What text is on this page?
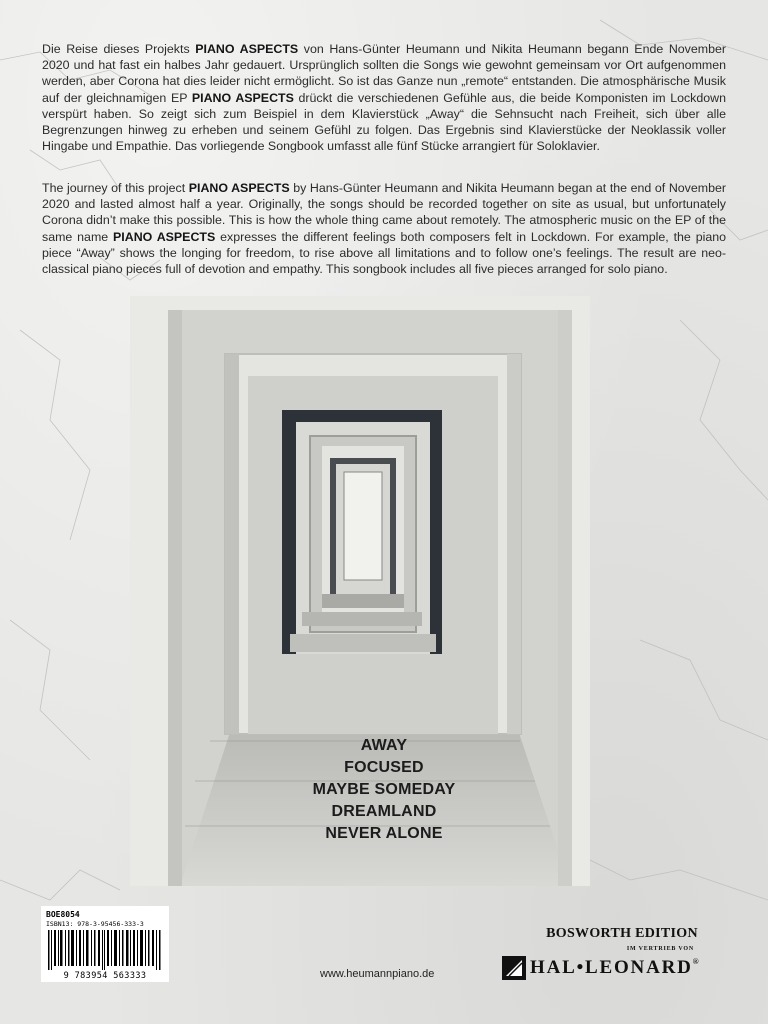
Die Reise dieses Projekts PIANO ASPECTS von Hans-Günter Heumann und Nikita Heumann begann Ende November 2020 und hat fast ein halbes Jahr gedauert. Ursprünglich sollten die Songs wie gewohnt gemeinsam vor Ort aufgenommen werden, aber Corona hat dies leider nicht ermöglicht. So ist das Ganze nun „remote“ entstanden. Die atmosphärische Musik auf der gleichnamigen EP PIANO ASPECTS drückt die verschiedenen Gefühle aus, die beide Komponisten im Lockdown verspürt haben. So zeigt sich zum Beispiel in dem Klavierstück „Away“ die Sehnsucht nach Freiheit, sich über alle Begrenzungen hinweg zu erheben und seinem Gefühl zu folgen. Das Ergebnis sind Klavierstücke der Neoklassik voller Hingabe und Empathie. Das vorliegende Songbook umfasst alle fünf Stücke arrangiert für Soloklavier.

The journey of this project PIANO ASPECTS by Hans-Günter Heumann and Nikita Heumann began at the end of November 2020 and lasted almost half a year. Originally, the songs should be recorded together on site as usual, but unfortunately Corona didn’t make this possible. This is how the whole thing came about remotely. The atmospheric music on the EP of the same name PIANO ASPECTS expresses the different feelings both composers felt in Lockdown. For example, the piano piece “Away” shows the longing for freedom, to rise above all limitations and to follow one’s feelings. The result are neo-classical piano pieces full of devotion and empathy. This songbook includes all five pieces arranged for solo piano.

AWAY
FOCUSED
MAYBE SOMEDAY
DREAMLAND
NEVER ALONE
BOE8054
ISBN13: 978-3-95456-333-3
9 783954 563333	www.heumannpiano.de
BOSWORTH EDITION
IM VERTRIEB VON
HAL•LEONARD®
